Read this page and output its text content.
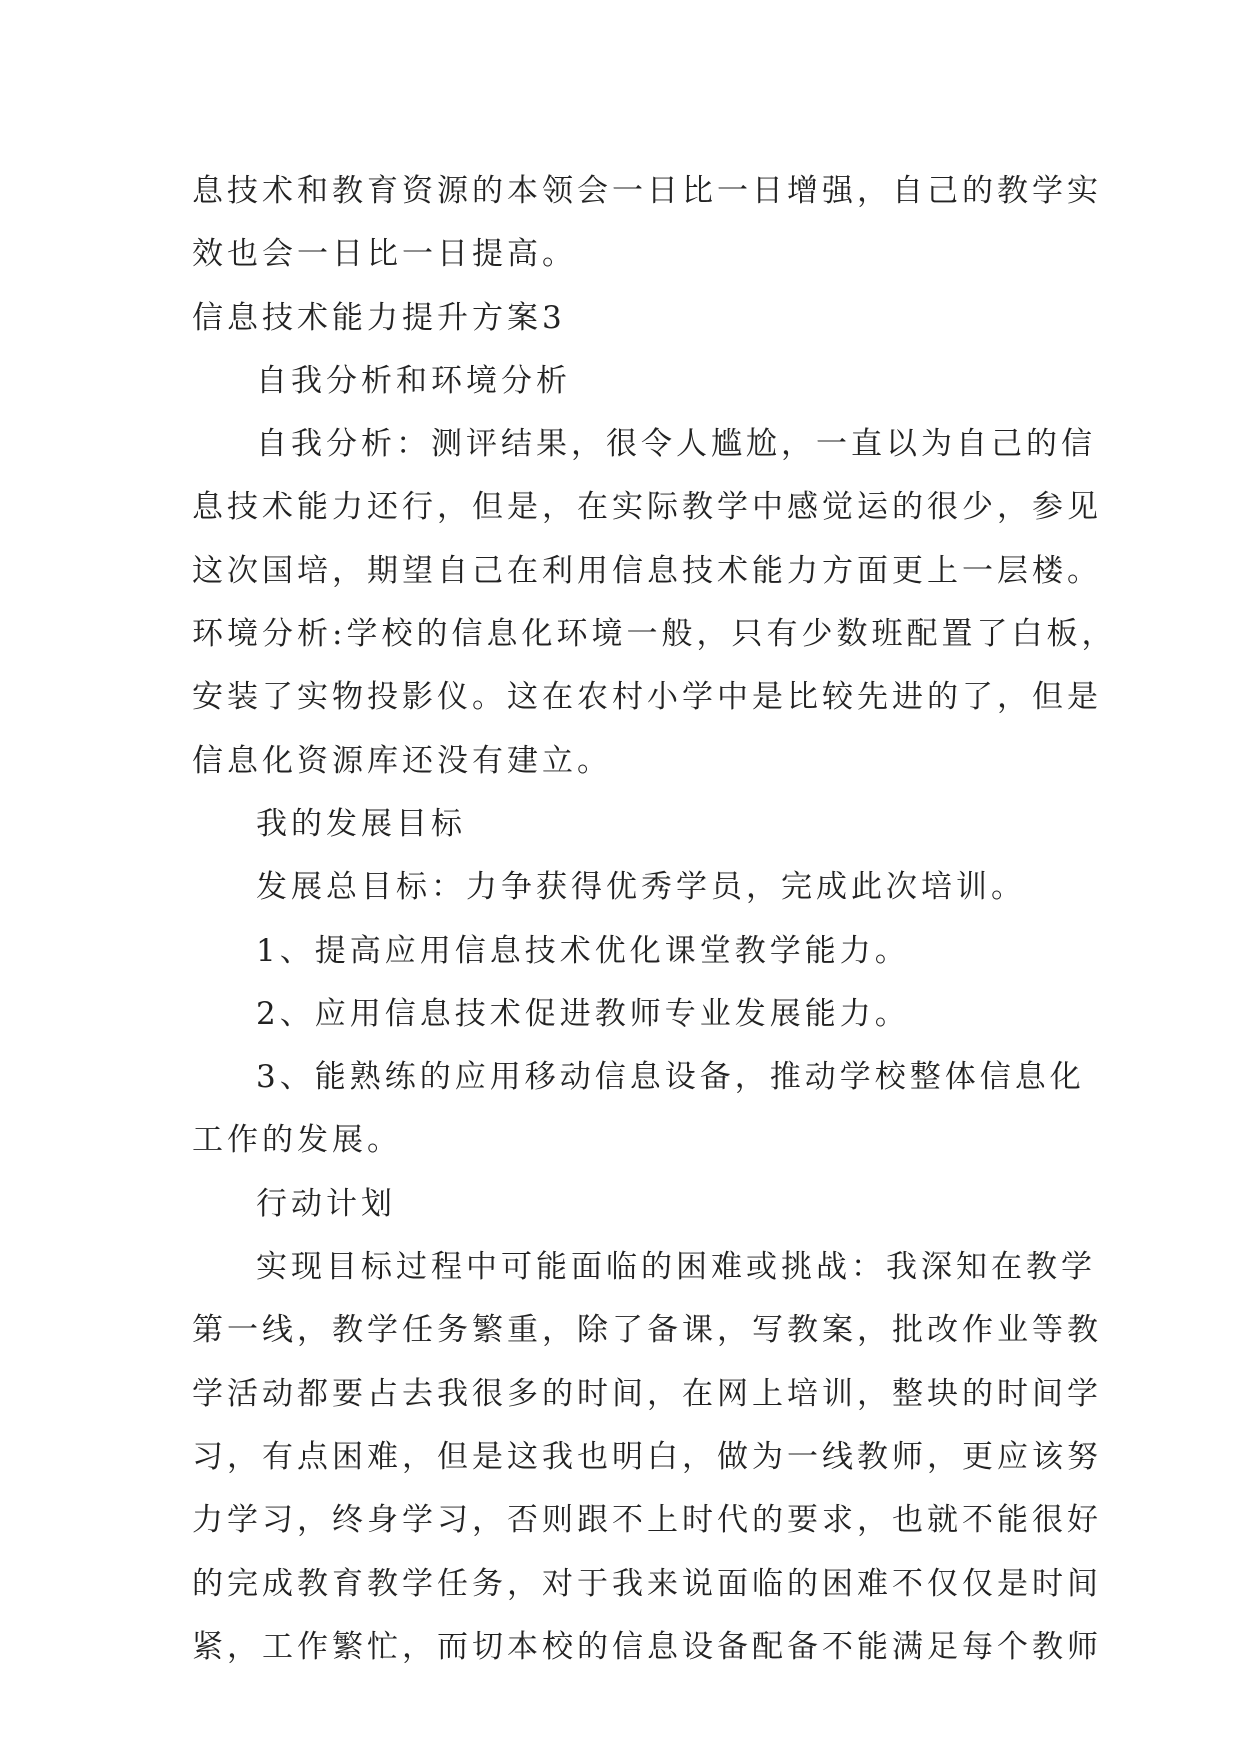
息技术和教育资源的本领会一日比一日增强，自己的教学实
效也会一日比一日提高。
信息技术能力提升方案3
自我分析和环境分析
自我分析：测评结果，很令人尴尬，一直以为自己的信
息技术能力还行，但是，在实际教学中感觉运的很少，参见
这次国培，期望自己在利用信息技术能力方面更上一层楼。
环境分析:学校的信息化环境一般，只有少数班配置了白板，
安装了实物投影仪。这在农村小学中是比较先进的了，但是
信息化资源库还没有建立。
我的发展目标
发展总目标：力争获得优秀学员，完成此次培训。
1、提高应用信息技术优化课堂教学能力。
2、应用信息技术促进教师专业发展能力。
3、能熟练的应用移动信息设备，推动学校整体信息化
工作的发展。
行动计划
实现目标过程中可能面临的困难或挑战：我深知在教学
第一线，教学任务繁重，除了备课，写教案，批改作业等教
学活动都要占去我很多的时间，在网上培训，整块的时间学
习，有点困难，但是这我也明白，做为一线教师，更应该努
力学习，终身学习，否则跟不上时代的要求，也就不能很好
的完成教育教学任务，对于我来说面临的困难不仅仅是时间
紧，工作繁忙，而切本校的信息设备配备不能满足每个教师
